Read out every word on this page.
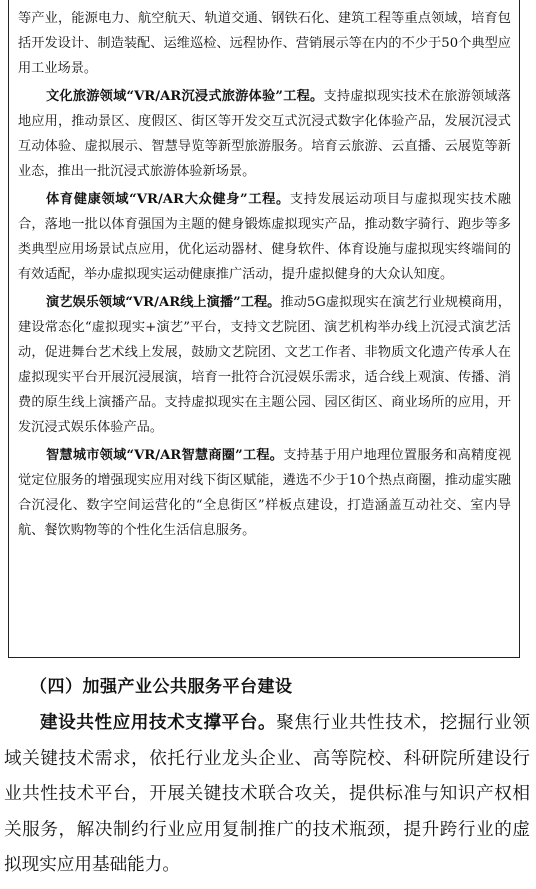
等产业，能源电力、航空航天、轨道交通、钢铁石化、建筑工程等重点领域，培育包括开发设计、制造装配、运维巡检、远程协作、营销展示等在内的不少于50个典型应用工业场景。

文化旅游领域“VR/AR沉浸式旅游体验”工程。支持虚拟现实技术在旅游领域落地应用，推动景区、度假区、街区等开发交互式沉浸式数字化体验产品，发展沉浸式互动体验、虚拟展示、智慧导览等新型旅游服务。培育云旅游、云直播、云展览等新业态，推出一批沉浸式旅游体验新场景。

体育健康领域“VR/AR大众健身”工程。支持发展运动项目与虚拟现实技术融合，落地一批以体育强国为主题的健身锻炼虚拟现实产品，推动数字骑行、跑步等多类典型应用场景试点应用，优化运动器材、健身软件、体育设施与虚拟现实终端间的有效适配，举办虚拟现实运动健康推广活动，提升虚拟健身的大众认知度。

演艺娱乐领域“VR/AR线上演播”工程。推动5G虚拟现实在演艺行业规模商用，建设常态化“虚拟现实+演艺”平台，支持文艺院团、演艺机构举办线上沉浸式演艺活动，促进舞台艺术线上发展，鼓励文艺院团、文艺工作者、非物质文化遗产传承人在虚拟现实平台开展沉浸展演，培育一批符合沉浸娱乐需求，适合线上观演、传播、消费的原生线上演播产品。支持虚拟现实在主题公园、园区街区、商业场所的应用，开发沉浸式娱乐体验产品。

智慧城市领域“VR/AR智慧商圈”工程。支持基于用户地理位置服务和高精度视觉定位服务的增强现实应用对线下街区赋能，遴选不少于10个热点商圈，推动虚实融合沉浸化、数字空间运营化的“全息街区”样板点建设，打造涵盖互动社交、室内导航、餐饮购物等的个性化生活信息服务。

（四）加强产业公共服务平台建设

建设共性应用技术支撑平台。聚焦行业共性技术，挖掘行业领域关键技术需求，依托行业龙头企业、高等院校、科研院所建设行业共性技术平台，开展关键技术联合攻关，提供标准与知识产权相关服务，解决制约行业应用复制推广的技术瓶颈，提升跨行业的虚拟现实应用基础能力。
